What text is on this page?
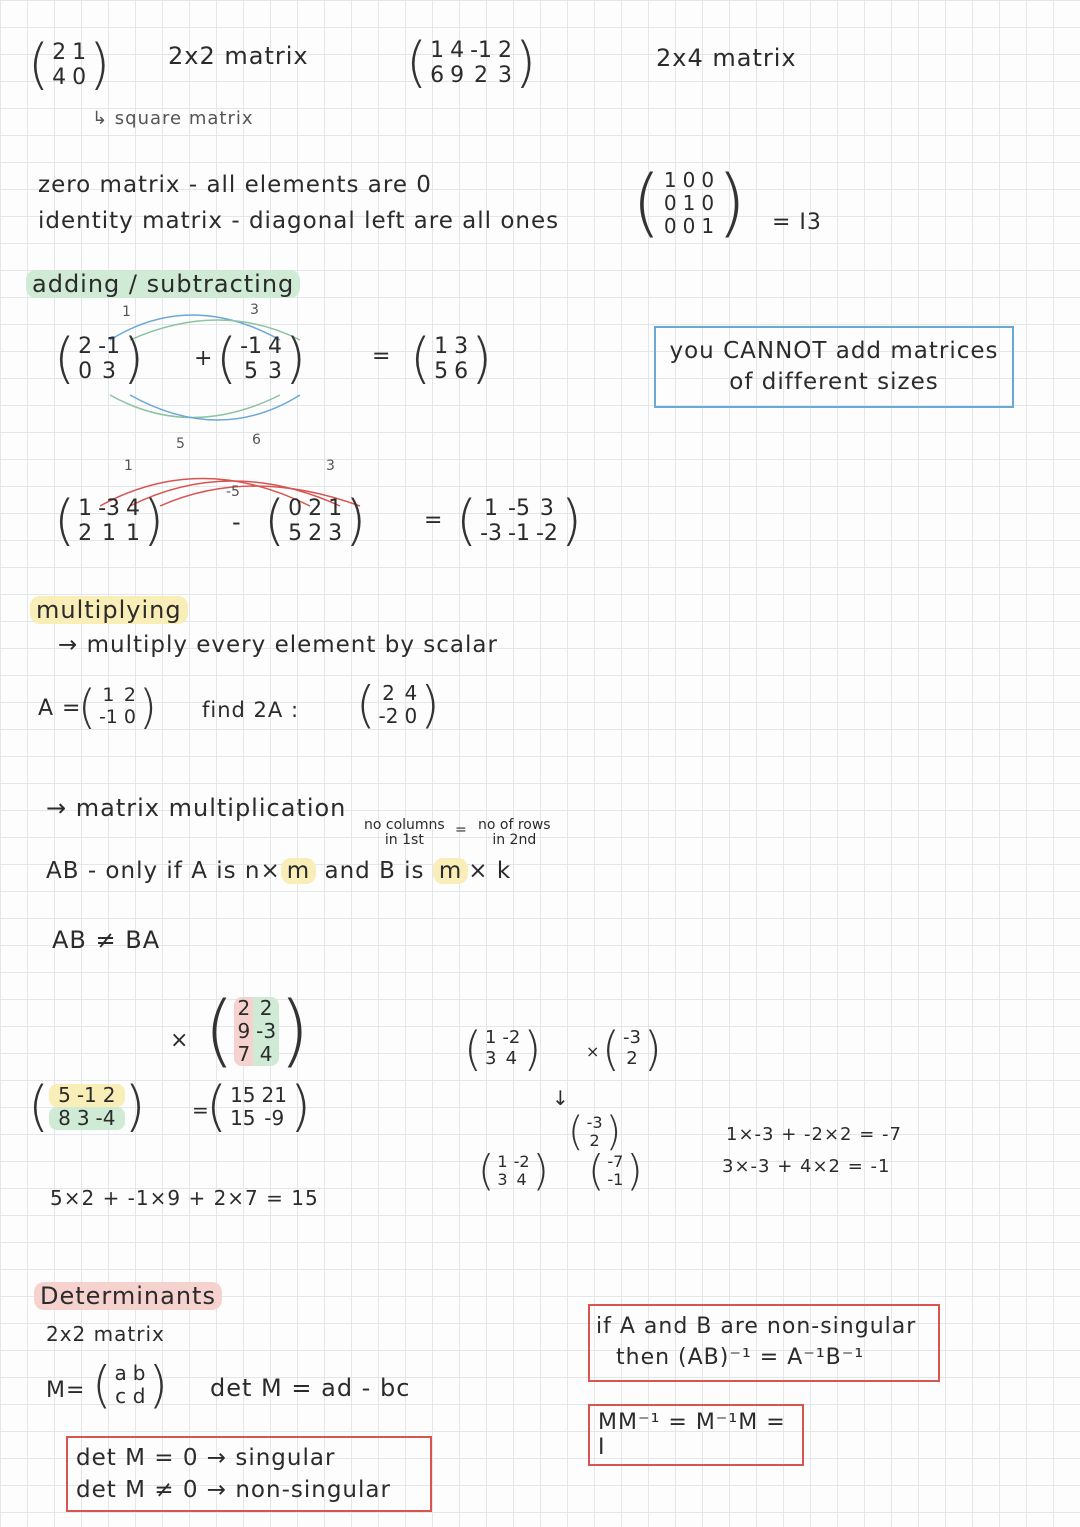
( 2 1
4 0 ) 2x2 matrix
↳ square matrix
( 1 4 -1 2
6 9 2 3 )	2x4 matrix
zero matrix - all elements are 0
identity matrix - diagonal left are all ones ( 1 0 0
0 1 0
0 0 1 ) = I3
adding / subtracting
you CANNOT add matrices of different sizes
1	3
5	6
( 2 -1
0 3 ) + ( -1 4
5 3 )	= ( 1 3
5 6 )
1
-5
3
( 1 -3 4
2 1 1 )	- ( 0 2 1
5 2 3 )	= ( 1 -5 3
-3 -1 -2 )
multiplying
→ multiply every element by scalar
A =
( 1 2
-1 0 ) find 2A : ( 2 4
-2 0 )
→ matrix multiplication
no columns
in 1st
= no of rows
in 2nd
AB - only if A is n× m and B is m × k
AB ≠ BA
( 2 2
9 -3
7 4 )
×
( 5 -1 2
8 3 -4 ) =
( 15 21
15 -9 )
5×2 + -1×9 + 2×7 = 15
( 1 -2
3 4 )	× ( -3
2 )
↓
( -3
2 )
( 1 -2
3 4 ) ( -7
-1 )
1×-3 + -2×2 = -7
3×-3 + 4×2 = -1
Determinants
2x2 matrix
M= ( a b
c d ) det M = ad - bc
det M = 0 → singular
det M ≠ 0 → non-singular
if A and B are non-singular
then (AB)⁻¹ = A⁻¹B⁻¹
MM⁻¹ = M⁻¹M = I
